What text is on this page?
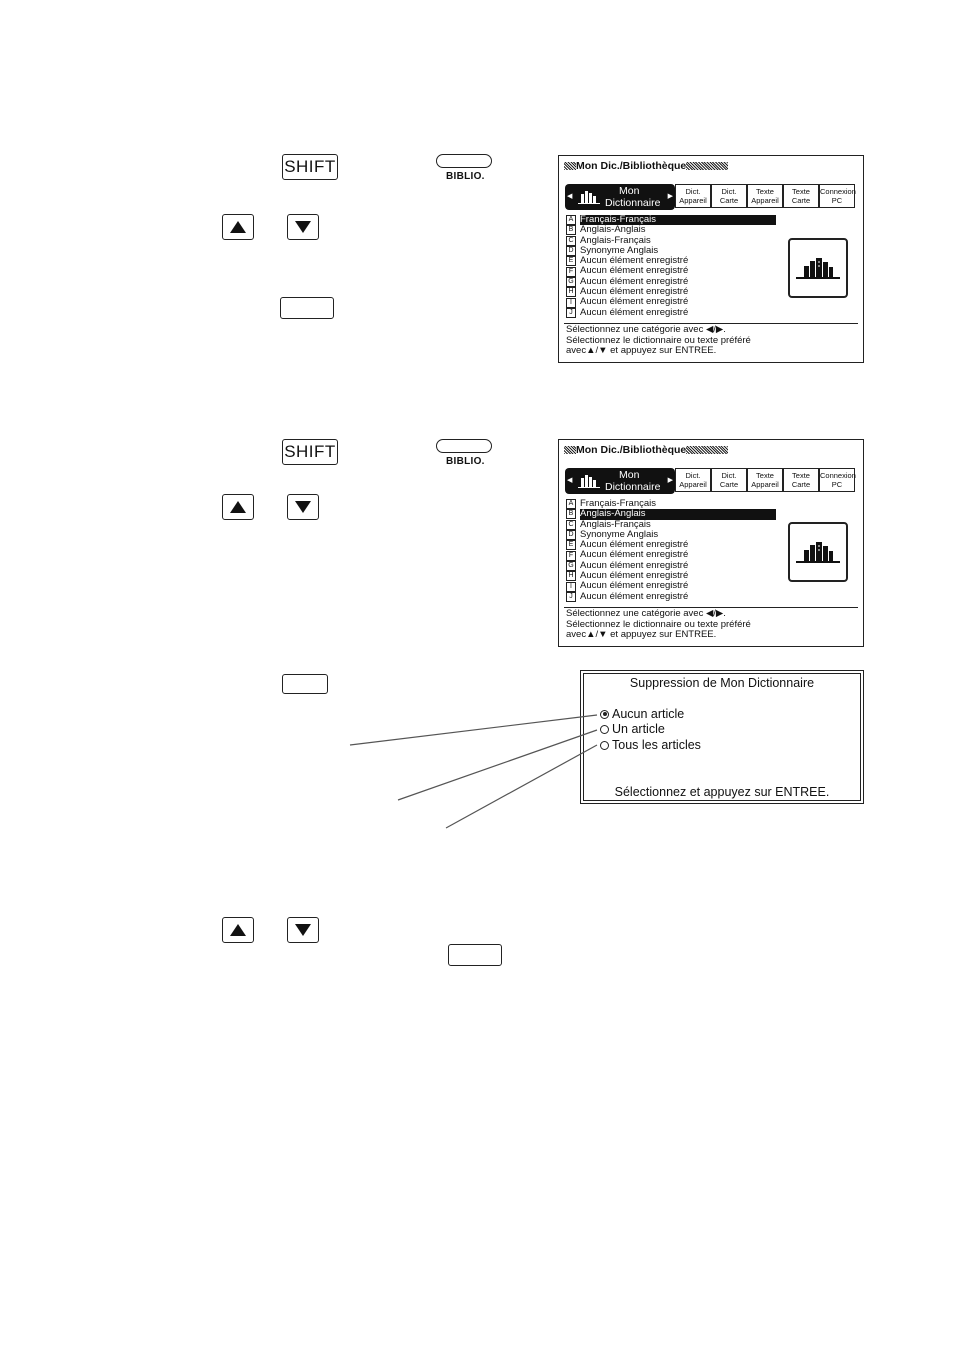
SHIFT
BIBLIO.
Mon Dic./Bibliothèque
◀	Mon
Dictionnaire
▶
Dict.
Appareil
Dict.
Carte
Texte
Appareil
Texte
Carte
Connexion
PC
A Français-Français
B Anglais-Anglais
C Anglais-Français
D Synonyme Anglais
E Aucun élément enregistré
F Aucun élément enregistré
G Aucun élément enregistré
H Aucun élément enregistré
I Aucun élément enregistré
J Aucun élément enregistré
Sélectionnez une catégorie avec ◀/▶.
Sélectionnez le dictionnaire ou texte préféré
avec▲/▼ et appuyez sur ENTREE.
SHIFT
BIBLIO.
Mon Dic./Bibliothèque
◀	Mon
Dictionnaire
▶
Dict.
Appareil
Dict.
Carte
Texte
Appareil
Texte
Carte
Connexion
PC
A Français-Français
B Anglais-Anglais
C Anglais-Français
D Synonyme Anglais
E Aucun élément enregistré
F Aucun élément enregistré
G Aucun élément enregistré
H Aucun élément enregistré
I Aucun élément enregistré
J Aucun élément enregistré
Sélectionnez une catégorie avec ◀/▶.
Sélectionnez le dictionnaire ou texte préféré
avec▲/▼ et appuyez sur ENTREE.
Suppression de Mon Dictionnaire
Aucun article
Un article
Tous les articles
Sélectionnez et appuyez sur ENTREE.
